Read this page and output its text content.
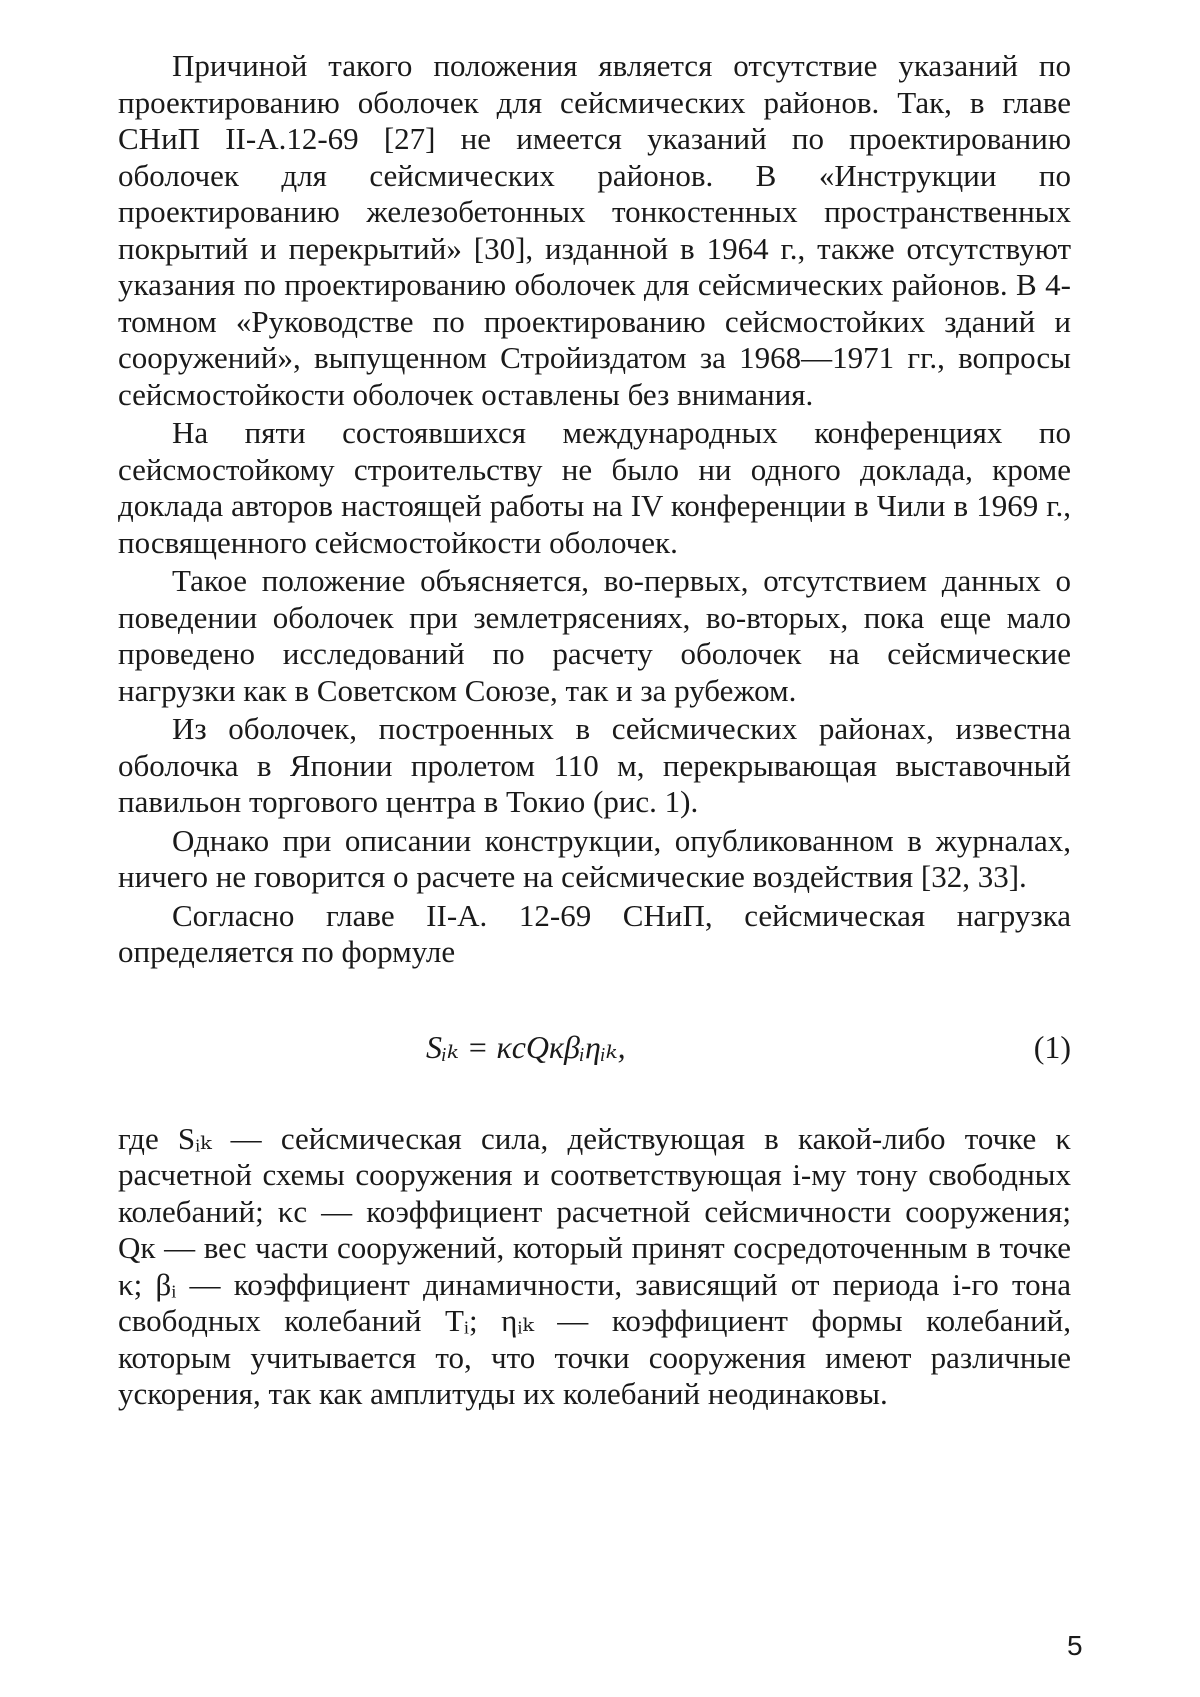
Причиной такого положения является отсутствие указаний по проектированию оболочек для сейсмических районов. Так, в главе СНиП II-А.12-69 [27] не имеется указаний по проектированию оболочек для сейсмических районов. В «Инструкции по проектированию железобетонных тонкостенных пространственных покрытий и перекрытий» [30], изданной в 1964 г., также отсутствуют указания по проектированию оболочек для сейсмических районов. В 4-томном «Руководстве по проектированию сейсмостойких зданий и сооружений», выпущенном Стройиздатом за 1968—1971 гг., вопросы сейсмостойкости оболочек оставлены без внимания.

На пяти состоявшихся международных конференциях по сейсмостойкому строительству не было ни одного доклада, кроме доклада авторов настоящей работы на IV конференции в Чили в 1969 г., посвященного сейсмостойкости оболочек.

Такое положение объясняется, во-первых, отсутствием данных о поведении оболочек при землетрясениях, во-вторых, пока еще мало проведено исследований по расчету оболочек на сейсмические нагрузки как в Советском Союзе, так и за рубежом.

Из оболочек, построенных в сейсмических районах, известна оболочка в Японии пролетом 110 м, перекрывающая выставочный павильон торгового центра в Токио (рис. 1).

Однако при описании конструкции, опубликованном в журналах, ничего не говорится о расчете на сейсмические воздействия [32, 33].

Согласно главе II-А. 12-69 СНиП, сейсмическая нагрузка определяется по формуле

Sᵢₖ = κсQкβᵢηᵢₖ,	(1)

где Sᵢₖ — сейсмическая сила, действующая в какой-либо точке κ расчетной схемы сооружения и соответствующая i-му тону свободных колебаний; κс — коэффициент расчетной сейсмичности сооружения; Qк — вес части сооружений, который принят сосредоточенным в точке κ; βᵢ — коэффициент динамичности, зависящий от периода i-го тона свободных колебаний Tᵢ; ηᵢₖ — коэффициент формы колебаний, которым учитывается то, что точки сооружения имеют различные ускорения, так как амплитуды их колебаний неодинаковы.

5
